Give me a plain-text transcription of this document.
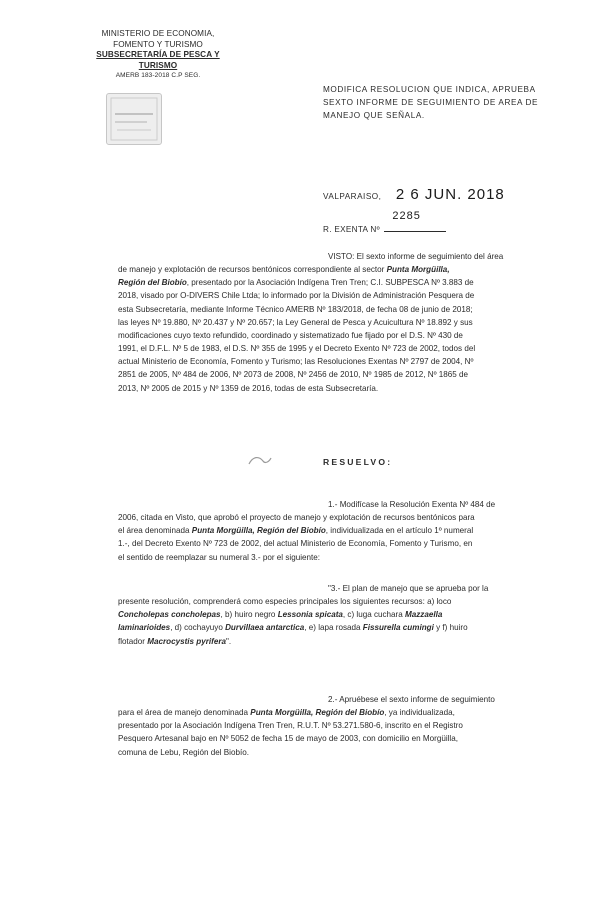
MINISTERIO DE ECONOMIA,
FOMENTO Y TURISMO
SUBSECRETARÍA DE PESCA Y TURISMO
AMERB 183-2018 C.P SEG.
MODIFICA RESOLUCION QUE INDICA, APRUEBA
SEXTO INFORME DE SEGUIMIENTO DE AREA DE
MANEJO QUE SEÑALA.
VALPARAISO, 2 6 JUN. 2018
R. EXENTA Nº
2285

VISTO: El sexto informe de seguimiento del área

de manejo y explotación de recursos bentónicos correspondiente al sector Punta Morgüilla,

Región del Biobío, presentado por la Asociación Indígena Tren Tren; C.I. SUBPESCA Nº 3.883 de

2018, visado por O-DIVERS Chile Ltda; lo informado por la División de Administración Pesquera de

esta Subsecretaría, mediante Informe Técnico AMERB Nº 183/2018, de fecha 08 de junio de 2018;

las leyes Nº 19.880, Nº 20.437 y Nº 20.657; la Ley General de Pesca y Acuicultura Nº 18.892 y sus

modificaciones cuyo texto refundido, coordinado y sistematizado fue fijado por el D.S. Nº 430 de

1991, el D.F.L. Nº 5 de 1983, el D.S. Nº 355 de 1995 y el Decreto Exento Nº 723 de 2002, todos del

actual Ministerio de Economía, Fomento y Turismo; las Resoluciones Exentas Nº 2797 de 2004, Nº

2851 de 2005, Nº 484 de 2006, Nº 2073 de 2008, Nº 2456 de 2010, Nº 1985 de 2012, Nº 1865 de

2013, Nº 2005 de 2015 y Nº 1359 de 2016, todas de esta Subsecretaría.

RESUELVO:

1.- Modifícase la Resolución Exenta Nº 484 de

2006, citada en Visto, que aprobó el proyecto de manejo y explotación de recursos bentónicos para

el área denominada Punta Morgüilla, Región del Biobío, individualizada en el artículo 1º numeral

1.-, del Decreto Exento Nº 723 de 2002, del actual Ministerio de Economía, Fomento y Turismo, en

el sentido de reemplazar su numeral 3.- por el siguiente:

"3.- El plan de manejo que se aprueba por la

presente resolución, comprenderá como especies principales los siguientes recursos: a) loco

Concholepas concholepas, b) huiro negro Lessonia spicata, c) luga cuchara Mazzaella

laminarioides, d) cochayuyo Durvillaea antarctica, e) lapa rosada Fissurella cumingi y f) huiro

flotador Macrocystis pyrifera".

2.- Apruébese el sexto informe de seguimiento

para el área de manejo denominada Punta Morgüilla, Región del Biobío, ya individualizada,

presentado por la Asociación Indígena Tren Tren, R.U.T. Nº 53.271.580-6, inscrito en el Registro

Pesquero Artesanal bajo en Nº 5052 de fecha 15 de mayo de 2003, con domicilio en Morgüilla,

comuna de Lebu, Región del Biobío.
